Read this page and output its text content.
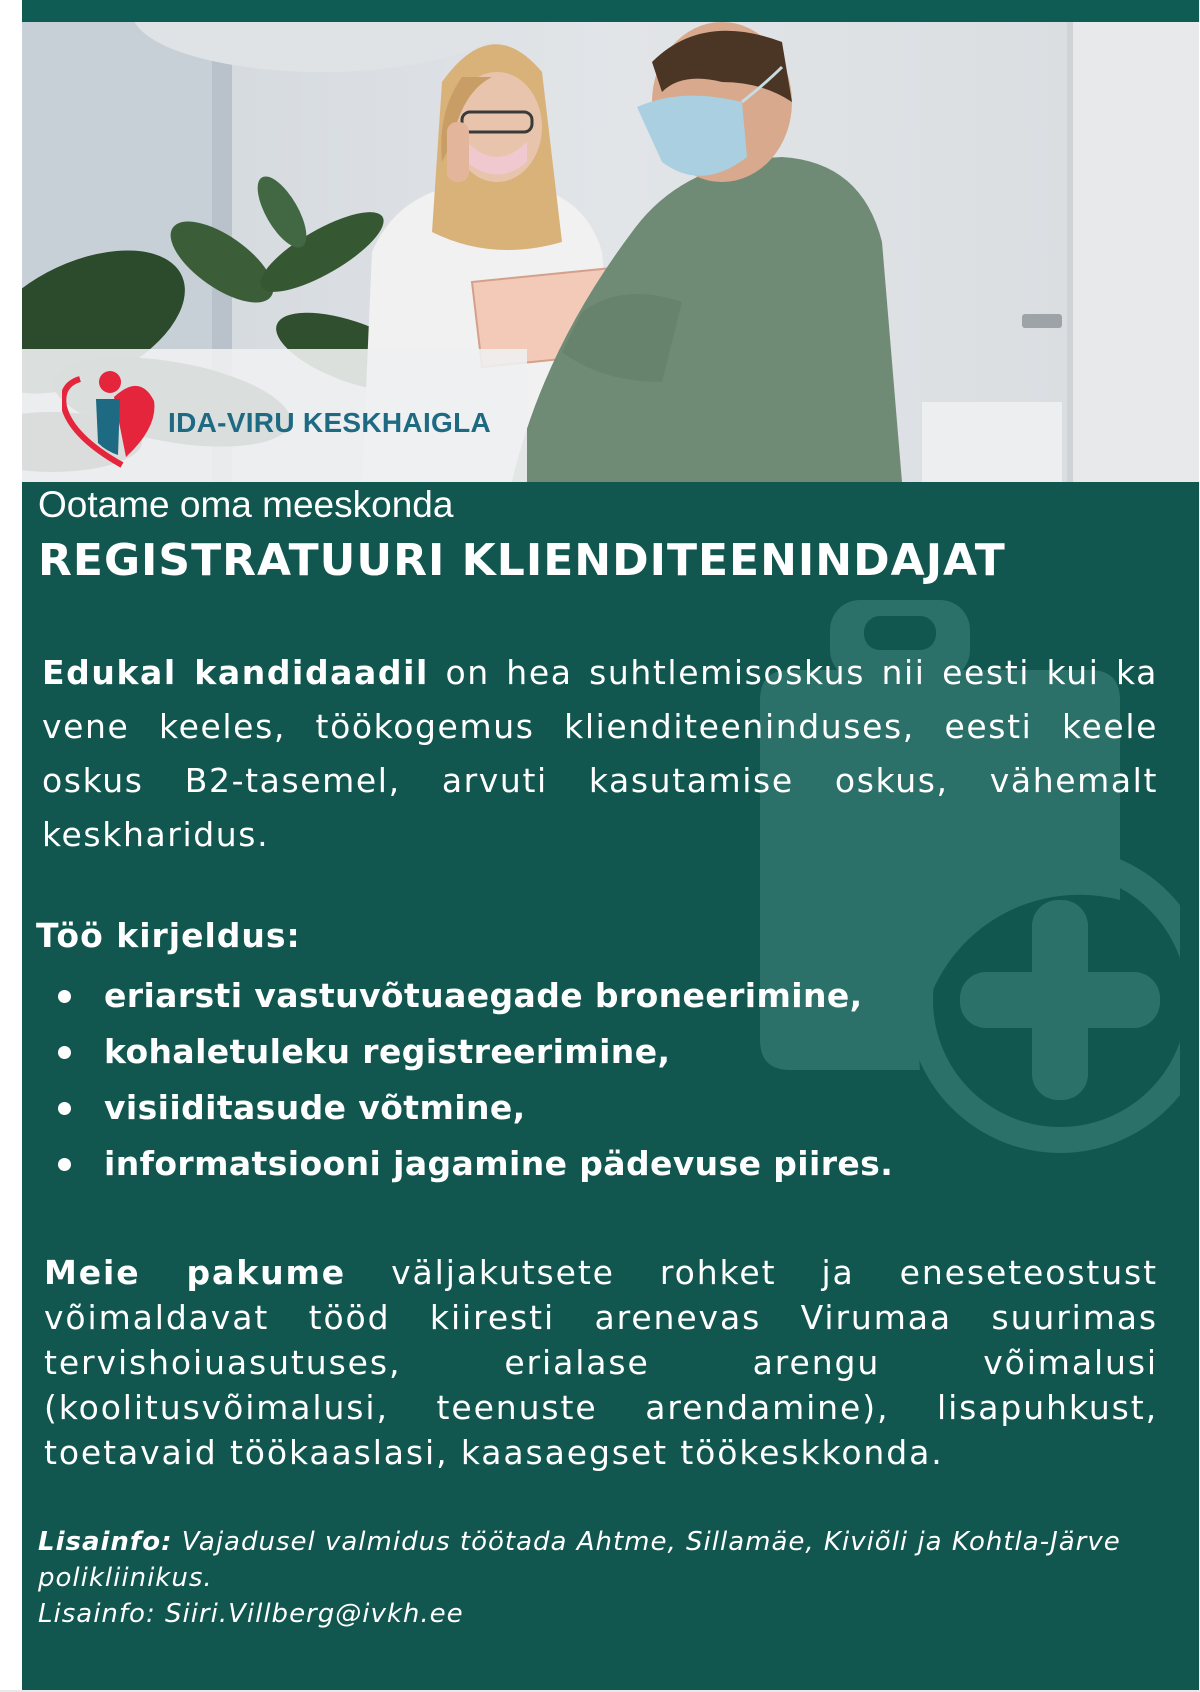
IDA-VIRU KESKHAIGLA
Ootame oma meeskonda
REGISTRATUURI KLIENDITEENINDAJAT
Edukal kandidaadil on hea suhtlemisoskus nii eesti kui ka vene keeles, töökogemus klienditeeninduses, eesti keele oskus B2-tasemel, arvuti kasutamise oskus, vähemalt keskharidus.
Töö kirjeldus:
eriarsti vastuvõtuaegade broneerimine,
kohaletuleku registreerimine,
visiiditasude võtmine,
informatsiooni jagamine pädevuse piires.
Meie pakume väljakutsete rohket ja eneseteostust võimaldavat tööd kiiresti arenevas Virumaa suurimas tervishoiuasutuses, erialase arengu võimalusi (koolitusvõimalusi, teenuste arendamine), lisapuhkust, toetavaid töökaaslasi, kaasaegset töökeskkonda.
Lisainfo: Vajadusel valmidus töötada Ahtme, Sillamäe, Kiviõli ja Kohtla-Järve polikliinikus.
Lisainfo: Siiri.Villberg@ivkh.ee
